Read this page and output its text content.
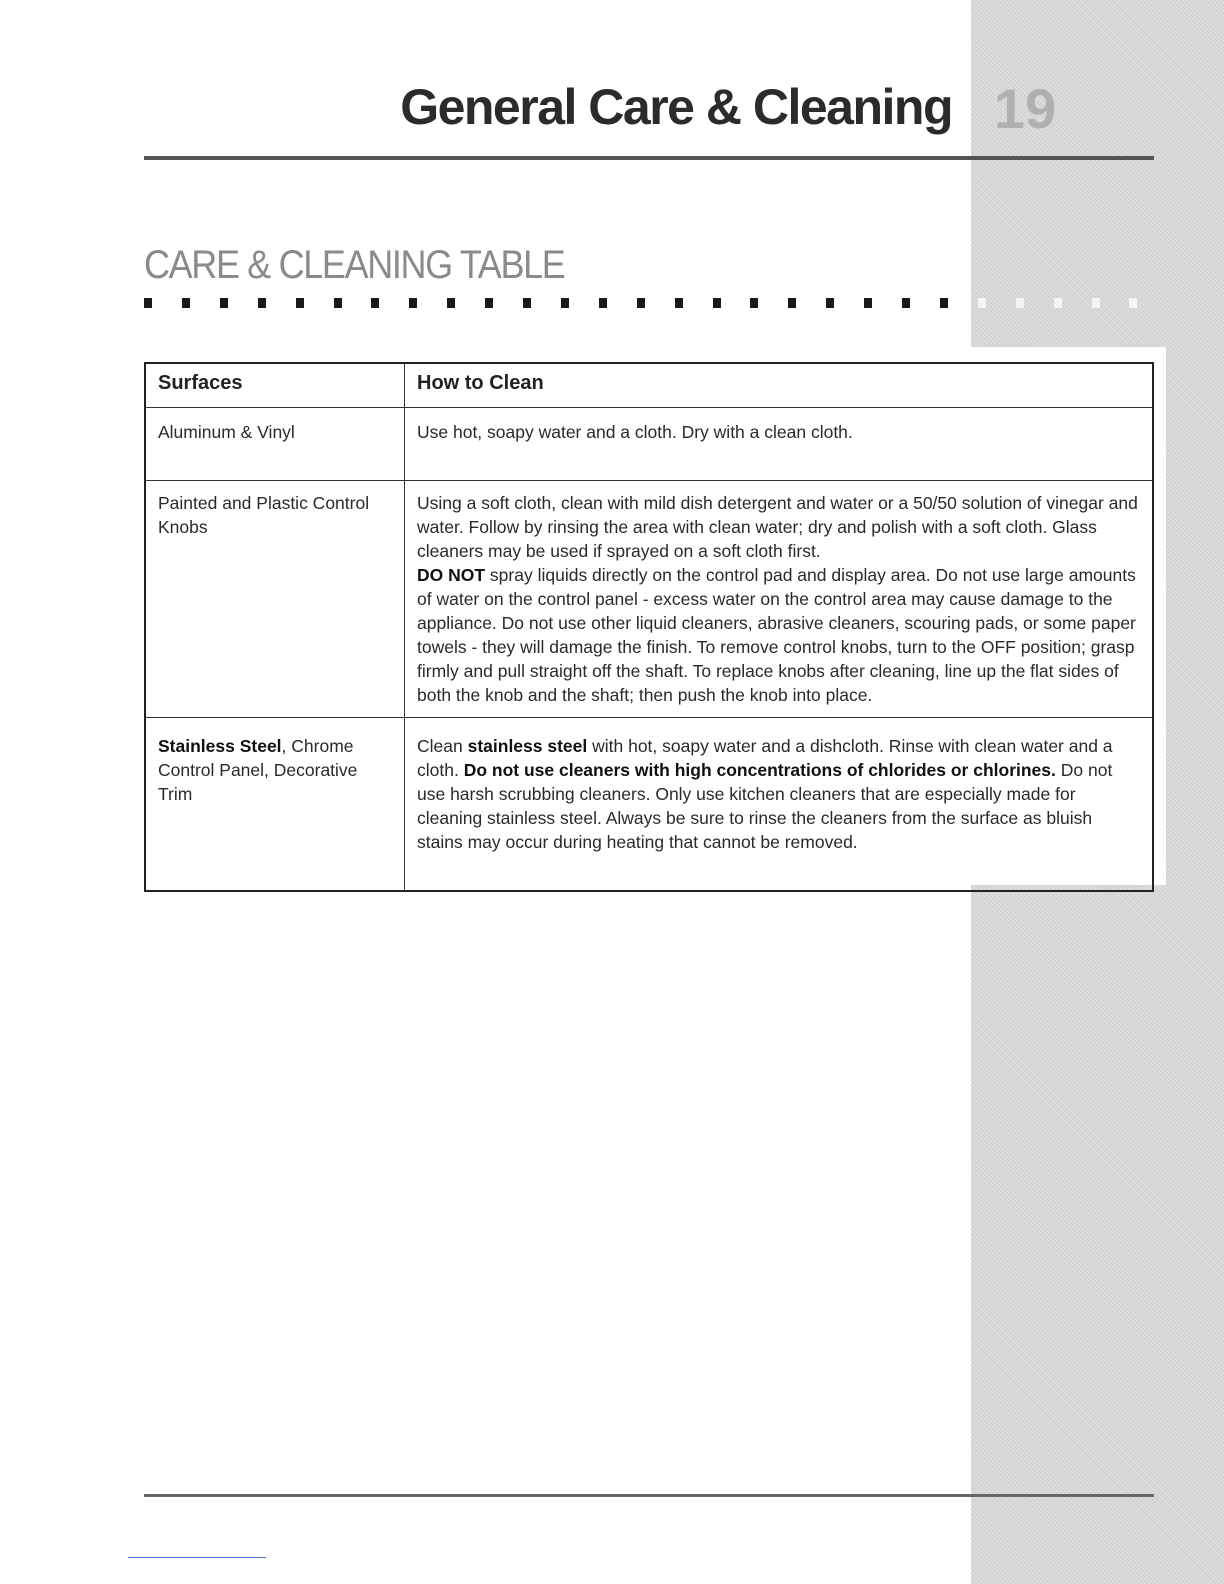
General Care & Cleaning 19
CARE & CLEANING TABLE
Surfaces	How to Clean
Aluminum & Vinyl	Use hot, soapy water and a cloth. Dry with a clean cloth.
Painted and Plastic Control Knobs	Using a soft cloth, clean with mild dish detergent and water or a 50/50 solution of vinegar and water. Follow by rinsing the area with clean water; dry and polish with a soft cloth. Glass cleaners may be used if sprayed on a soft cloth first.
DO NOT spray liquids directly on the control pad and display area. Do not use large amounts of water on the control panel - excess water on the control area may cause damage to the appliance. Do not use other liquid cleaners, abrasive cleaners, scouring pads, or some paper towels - they will damage the finish. To remove control knobs, turn to the OFF position; grasp firmly and pull straight off the shaft. To replace knobs after cleaning, line up the flat sides of both the knob and the shaft; then push the knob into place.
Stainless Steel, Chrome Control Panel, Decorative Trim	Clean stainless steel with hot, soapy water and a dishcloth. Rinse with clean water and a cloth. Do not use cleaners with high concentrations of chlorides or chlorines. Do not use harsh scrubbing cleaners. Only use kitchen cleaners that are especially made for cleaning stainless steel. Always be sure to rinse the cleaners from the surface as bluish stains may occur during heating that cannot be removed.
